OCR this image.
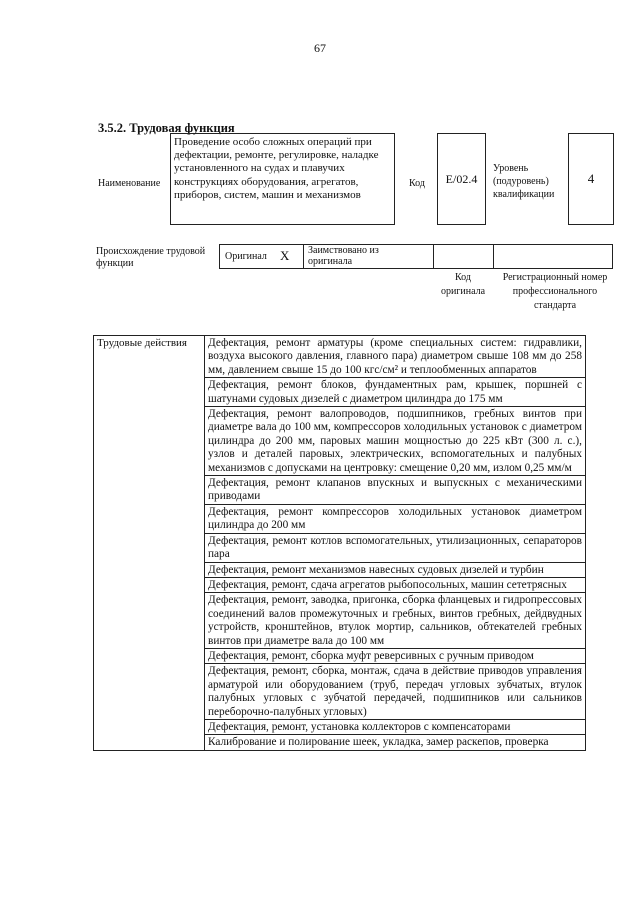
67
3.5.2. Трудовая функция
Наименование
Проведение особо сложных операций при дефектации, ремонте, регулировке, наладке установленного на судах и плавучих конструкциях оборудования, агрегатов, приборов, систем, машин и механизмов
Код E/02.4
Уровень (подуровень) квалификации
4
Происхождение трудовой функции
Оригинал X Заимствовано из оригинала
Код оригинала
Регистрационный номер профессионального стандарта
Трудовые действия	Дефектация, ремонт арматуры (кроме специальных систем: гидравлики, воздуха высокого давления, главного пара) диаметром свыше 108 мм до 258 мм, давлением свыше 15 до 100 кгс/см² и теплообменных аппаратов
Дефектация, ремонт блоков, фундаментных рам, крышек, поршней с шатунами судовых дизелей с диаметром цилиндра до 175 мм
Дефектация, ремонт валопроводов, подшипников, гребных винтов при диаметре вала до 100 мм, компрессоров холодильных установок с диаметром цилиндра до 200 мм, паровых машин мощностью до 225 кВт (300 л. с.), узлов и деталей паровых, электрических, вспомогательных и палубных механизмов с допусками на центровку: смещение 0,20 мм, излом 0,25 мм/м
Дефектация, ремонт клапанов впускных и выпускных с механическими приводами
Дефектация, ремонт компрессоров холодильных установок диаметром цилиндра до 200 мм
Дефектация, ремонт котлов вспомогательных, утилизационных, сепараторов пара
Дефектация, ремонт механизмов навесных судовых дизелей и турбин
Дефектация, ремонт, сдача агрегатов рыбопосольных, машин сететрясных
Дефектация, ремонт, заводка, пригонка, сборка фланцевых и гидропрессовых соединений валов промежуточных и гребных, винтов гребных, дейдвудных устройств, кронштейнов, втулок мортир, сальников, обтекателей гребных винтов при диаметре вала до 100 мм
Дефектация, ремонт, сборка муфт реверсивных с ручным приводом
Дефектация, ремонт, сборка, монтаж, сдача в действие приводов управления арматурой или оборудованием (труб, передач угловых зубчатых, втулок палубных угловых с зубчатой передачей, подшипников или сальников переборочно-палубных угловых)
Дефектация, ремонт, установка коллекторов с компенсаторами
Калибрование и полирование шеек, укладка, замер раскепов, проверка
